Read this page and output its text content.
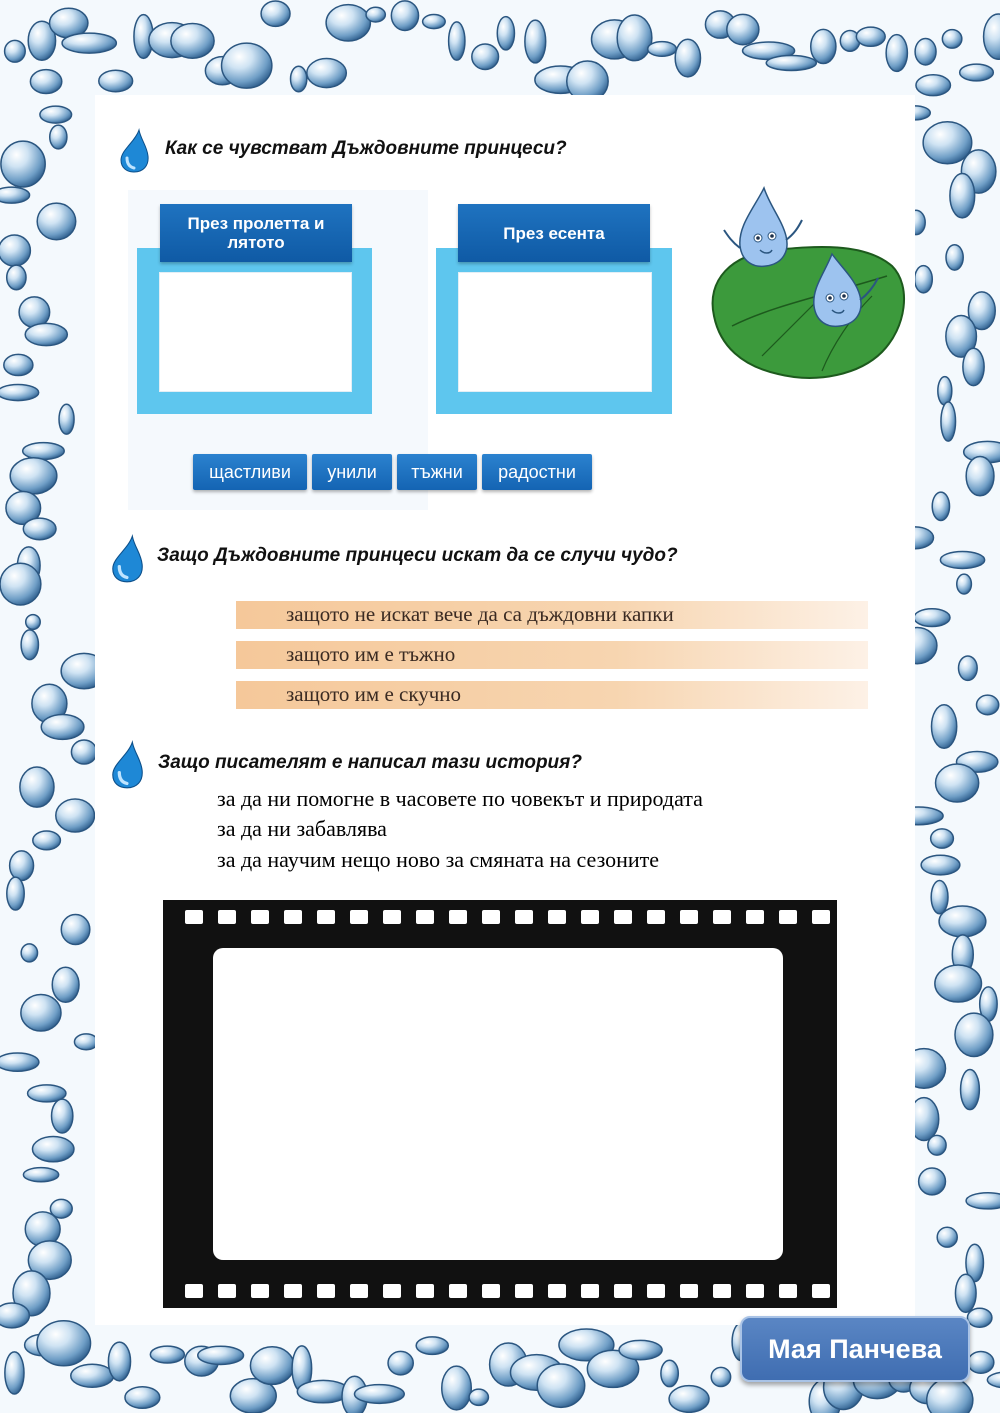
Как се чувстват Дъждовните принцеси?
През пролетта и лятото	През есента
щастливи	унили	тъжни	радостни
Защо Дъждовните принцеси искат да се случи чудо?
защото не искат вече да са дъждовни капки
защото им е тъжно
защото им е скучно
Защо писателят е написал тази история?
за да ни помогне в часовете по човекът и природата
за да ни забавлява
за да научим нещо ново за смяната на сезоните
Мая Панчева
